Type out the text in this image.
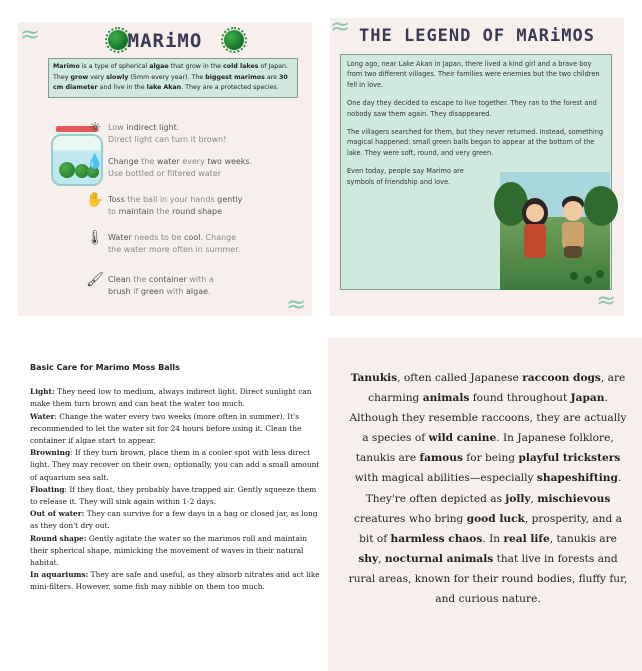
MARiMO
Marimo is a type of spherical algae that grow in the cold lakes of Japan. They grow very slowly (5mm every year). The biggest marimos are 30 cm diameter and live in the lake Akan. They are a protected species.
☼ Low indirect light.
Direct light can turn it brown!
💧 Change the water every two weeks.
Use bottled or filtered water
✋ Toss the ball in your hands gently
to maintain the round shape
🌡 Water needs to be cool. Change
the water more often in summer.
🖌 Clean the container with a
brush if green with algae.
≈
≈
THE LEGEND OF MARiMOS

Long ago, near Lake Akan in Japan, there lived a kind girl and a brave boy from two different villages. Their families were enemies but the two children fell in love.

One day they decided to escape to live together. They ran to the forest and nobody saw them again. They disappeared.

The villagers searched for them, but they never returned. Instead, something magical happened: small green balls began to appear at the bottom of the lake. They were soft, round, and very green.

Even today, people say Marimo are symbols of friendship and love.

≈
≈
Basic Care for Marimo Moss Balls

Light: They need low to medium, always indirect light. Direct sunlight can make them turn brown and can heat the water too much.

Water: Change the water every two weeks (more often in summer). It's recommended to let the water sit for 24 hours before using it. Clean the container if algae start to appear.

Browning: If they turn brown, place them in a cooler spot with less direct light. They may recover on their own; optionally, you can add a small amount of aquarium sea salt.

Floating: If they float, they probably have trapped air. Gently squeeze them to release it. They will sink again within 1-2 days.

Out of water: They can survive for a few days in a bag or closed jar, as long as they don't dry out.

Round shape: Gently agitate the water so the marimos roll and maintain their spherical shape, mimicking the movement of waves in their natural habitat.

In aquariums: They are safe and useful, as they absorb nitrates and act like mini-filters. However, some fish may nibble on them too much.

Tanukis, often called Japanese raccoon dogs, are charming animals found throughout Japan. Although they resemble raccoons, they are actually a species of wild canine. In Japanese folklore, tanukis are famous for being playful tricksters with magical abilities—especially shapeshifting. They're often depicted as jolly, mischievous creatures who bring good luck, prosperity, and a bit of harmless chaos. In real life, tanukis are shy, nocturnal animals that live in forests and rural areas, known for their round bodies, fluffy fur, and curious nature.
